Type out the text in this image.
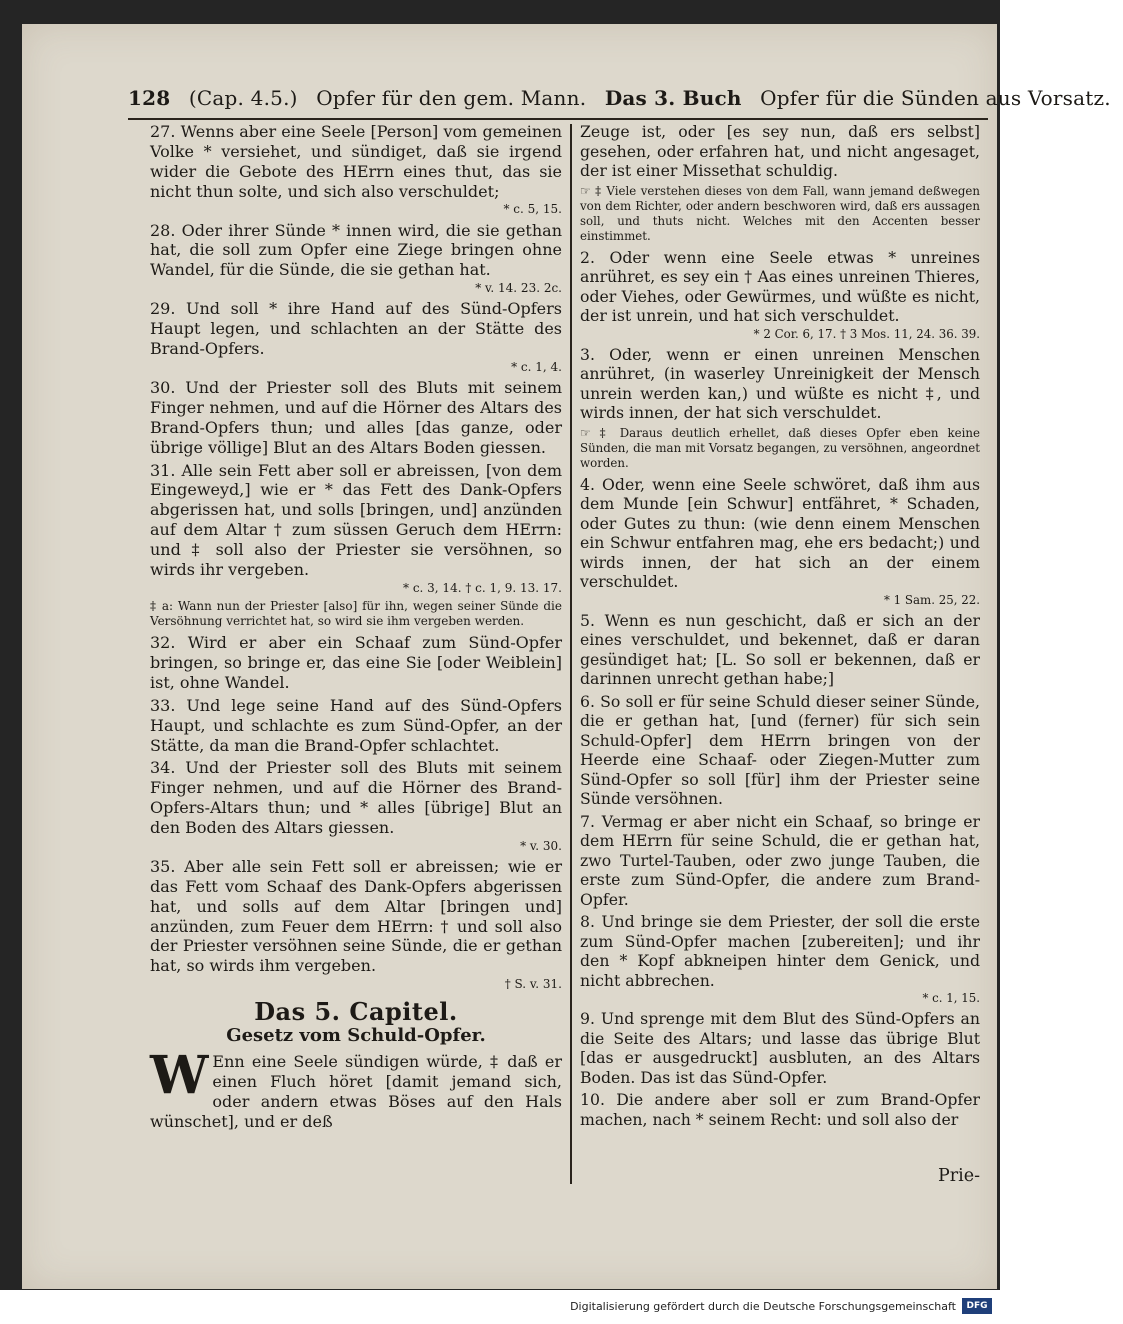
128 (Cap. 4.5.) Opfer für den gem. Mann. Das 3. Buch Opfer für die Sünden aus Vorsatz.

27. Wenns aber eine Seele [Person] vom gemeinen Volke * versiehet, und sündiget, daß sie irgend wider die Gebote des HErrn eines thut, das sie nicht thun solte, und sich also verschuldet;

* c. 5, 15.

28. Oder ihrer Sünde * innen wird, die sie gethan hat, die soll zum Opfer eine Ziege bringen ohne Wandel, für die Sünde, die sie gethan hat.

* v. 14. 23. 2c.

29. Und soll * ihre Hand auf des Sünd-Opfers Haupt legen, und schlachten an der Stätte des Brand-Opfers.

* c. 1, 4.

30. Und der Priester soll des Bluts mit seinem Finger nehmen, und auf die Hörner des Altars des Brand-Opfers thun; und alles [das ganze, oder übrige völlige] Blut an des Altars Boden giessen.

31. Alle sein Fett aber soll er abreissen, [von dem Eingeweyd,] wie er * das Fett des Dank-Opfers abgerissen hat, und solls [bringen, und] anzünden auf dem Altar † zum süssen Geruch dem HErrn: und ‡ soll also der Priester sie versöhnen, so wirds ihr vergeben.

* c. 3, 14. † c. 1, 9. 13. 17.

‡ a: Wann nun der Priester [also] für ihn, wegen seiner Sünde die Versöhnung verrichtet hat, so wird sie ihm vergeben werden.

32. Wird er aber ein Schaaf zum Sünd-Opfer bringen, so bringe er, das eine Sie [oder Weiblein] ist, ohne Wandel.

33. Und lege seine Hand auf des Sünd-Opfers Haupt, und schlachte es zum Sünd-Opfer, an der Stätte, da man die Brand-Opfer schlachtet.

34. Und der Priester soll des Bluts mit seinem Finger nehmen, und auf die Hörner des Brand-Opfers-Altars thun; und * alles [übrige] Blut an den Boden des Altars giessen.

* v. 30.

35. Aber alle sein Fett soll er abreissen; wie er das Fett vom Schaaf des Dank-Opfers abgerissen hat, und solls auf dem Altar [bringen und] anzünden, zum Feuer dem HErrn: † und soll also der Priester versöhnen seine Sünde, die er gethan hat, so wirds ihm vergeben.

† S. v. 31.

Das 5. Capitel.
Gesetz vom Schuld-Opfer.

W Enn eine Seele sündigen würde, ‡ daß er einen Fluch höret [damit jemand sich, oder andern etwas Böses auf den Hals wünschet], und er deß

Zeuge ist, oder [es sey nun, daß ers selbst] gesehen, oder erfahren hat, und nicht angesaget, der ist einer Missethat schuldig.

☞ ‡ Viele verstehen dieses von dem Fall, wann jemand deßwegen von dem Richter, oder andern beschworen wird, daß ers aussagen soll, und thuts nicht. Welches mit den Accenten besser einstimmet.

2. Oder wenn eine Seele etwas * unreines anrühret, es sey ein † Aas eines unreinen Thieres, oder Viehes, oder Gewürmes, und wüßte es nicht, der ist unrein, und hat sich verschuldet.

* 2 Cor. 6, 17. † 3 Mos. 11, 24. 36. 39.

3. Oder, wenn er einen unreinen Menschen anrühret, (in waserley Unreinigkeit der Mensch unrein werden kan,) und wüßte es nicht ‡, und wirds innen, der hat sich verschuldet.

☞ ‡ Daraus deutlich erhellet, daß dieses Opfer eben keine Sünden, die man mit Vorsatz begangen, zu versöhnen, angeordnet worden.

4. Oder, wenn eine Seele schwöret, daß ihm aus dem Munde [ein Schwur] entfähret, * Schaden, oder Gutes zu thun: (wie denn einem Menschen ein Schwur entfahren mag, ehe ers bedacht;) und wirds innen, der hat sich an der einem verschuldet.

* 1 Sam. 25, 22.

5. Wenn es nun geschicht, daß er sich an der eines verschuldet, und bekennet, daß er daran gesündiget hat; [L. So soll er bekennen, daß er darinnen unrecht gethan habe;]

6. So soll er für seine Schuld dieser seiner Sünde, die er gethan hat, [und (ferner) für sich sein Schuld-Opfer] dem HErrn bringen von der Heerde eine Schaaf- oder Ziegen-Mutter zum Sünd-Opfer so soll [für] ihm der Priester seine Sünde versöhnen.

7. Vermag er aber nicht ein Schaaf, so bringe er dem HErrn für seine Schuld, die er gethan hat, zwo Turtel-Tauben, oder zwo junge Tauben, die erste zum Sünd-Opfer, die andere zum Brand-Opfer.

8. Und bringe sie dem Priester, der soll die erste zum Sünd-Opfer machen [zubereiten]; und ihr den * Kopf abkneipen hinter dem Genick, und nicht abbrechen.

* c. 1, 15.

9. Und sprenge mit dem Blut des Sünd-Opfers an die Seite des Altars; und lasse das übrige Blut [das er ausgedruckt] ausbluten, an des Altars Boden. Das ist das Sünd-Opfer.

10. Die andere aber soll er zum Brand-Opfer machen, nach * seinem Recht: und soll also der

Prie-
Digitalisierung gefördert durch die Deutsche Forschungsgemeinschaft	DFG
